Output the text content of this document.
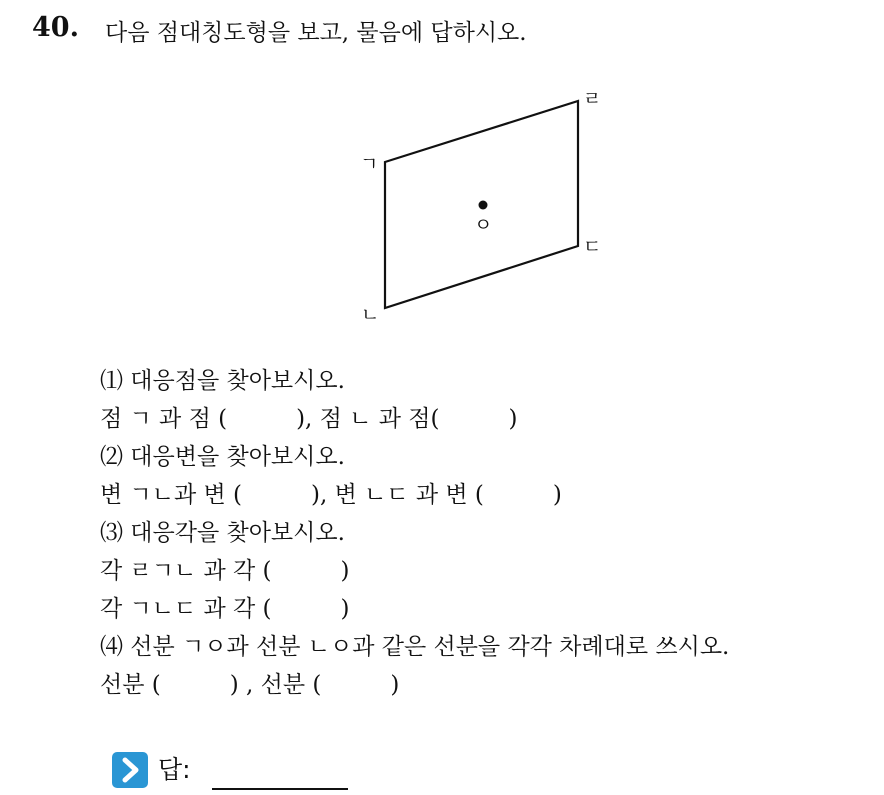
40. 다음 점대칭도형을 보고, 물음에 답하시오.
ㅇ
ㄱ
ㄴ
ㄷ
ㄹ
⑴ 대응점을 찾아보시오.
점 ㄱ 과 점 (　　　), 점 ㄴ 과 점(　　　)
⑵ 대응변을 찾아보시오.
변 ㄱㄴ과 변 (　　　), 변 ㄴㄷ 과 변 (　　　)
⑶ 대응각을 찾아보시오.
각 ㄹㄱㄴ 과 각 (　　　)
각 ㄱㄴㄷ 과 각 (　　　)
⑷ 선분 ㄱㅇ과 선분 ㄴㅇ과 같은 선분을 각각 차례대로 쓰시오.
선분 (　　　) , 선분 (　　　)
답:
